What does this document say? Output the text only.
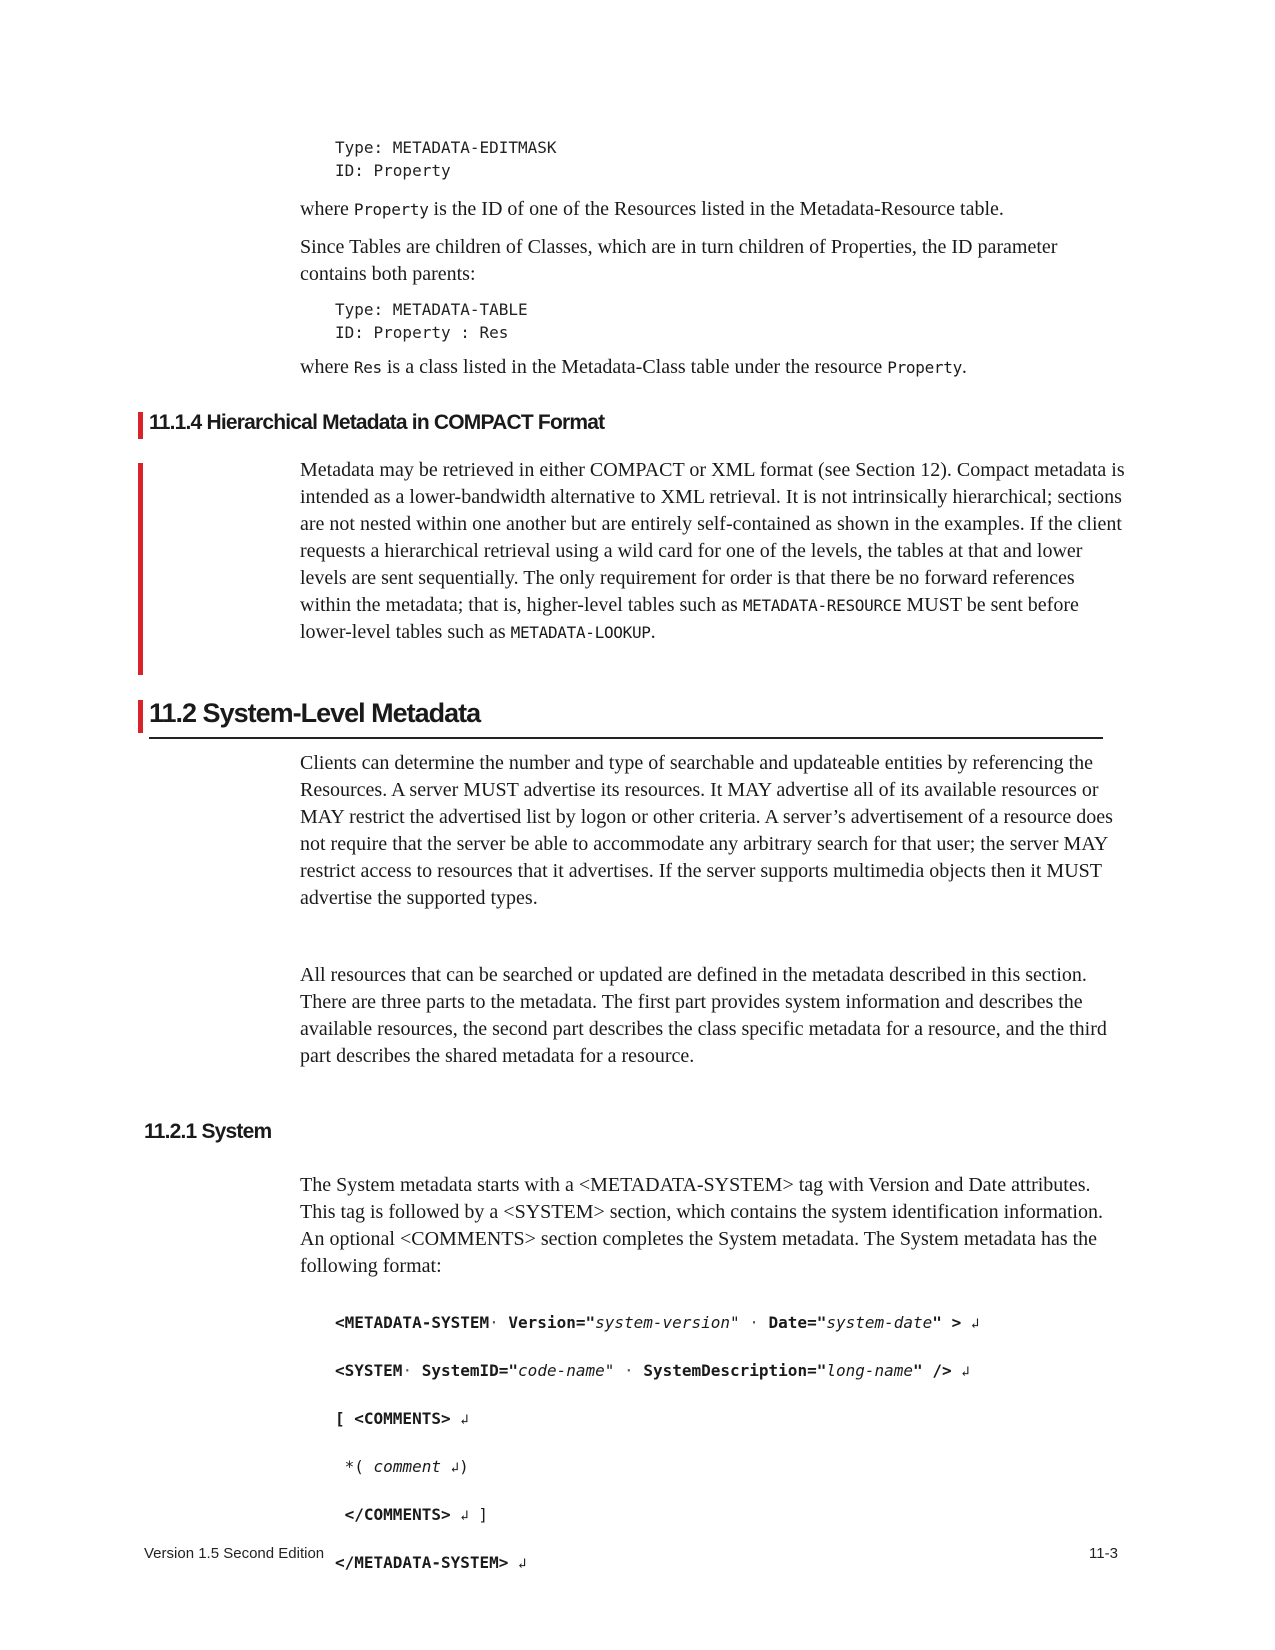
Type: METADATA-EDITMASK
ID: Property
where Property is the ID of one of the Resources listed in the Metadata-Resource table.
Since Tables are children of Classes, which are in turn children of Properties, the ID parameter contains both parents:
Type: METADATA-TABLE
ID: Property : Res
where Res is a class listed in the Metadata-Class table under the resource Property.
11.1.4 Hierarchical Metadata in COMPACT Format
Metadata may be retrieved in either COMPACT or XML format (see Section 12). Compact metadata is intended as a lower-bandwidth alternative to XML retrieval. It is not intrinsically hierarchical; sections are not nested within one another but are entirely self-contained as shown in the examples. If the client requests a hierarchical retrieval using a wild card for one of the levels, the tables at that and lower levels are sent sequentially. The only requirement for order is that there be no forward references within the metadata; that is, higher-level tables such as METADATA-RESOURCE MUST be sent before lower-level tables such as METADATA-LOOKUP.
11.2 System-Level Metadata
Clients can determine the number and type of searchable and updateable entities by referencing the Resources. A server MUST advertise its resources. It MAY advertise all of its available resources or MAY restrict the advertised list by logon or other criteria. A server’s advertisement of a resource does not require that the server be able to accommodate any arbitrary search for that user; the server MAY restrict access to resources that it advertises. If the server supports multimedia objects then it MUST advertise the supported types.
All resources that can be searched or updated are defined in the metadata described in this section. There are three parts to the metadata. The first part provides system information and describes the available resources, the second part describes the class specific metadata for a resource, and the third part describes the shared metadata for a resource.
11.2.1 System
The System metadata starts with a <METADATA-SYSTEM> tag with Version and Date attributes. This tag is followed by a <SYSTEM> section, which contains the system identification information. An optional <COMMENTS> section completes the System metadata. The System metadata has the following format:

<METADATA-SYSTEM· Version="system-version" · Date="system-date" > ↲

<SYSTEM· SystemID="code-name" · SystemDescription="long-name" /> ↲

[ <COMMENTS> ↲

*( comment ↲)

</COMMENTS> ↲ ]

</METADATA-SYSTEM> ↲

Version 1.5 Second Edition	11-3
